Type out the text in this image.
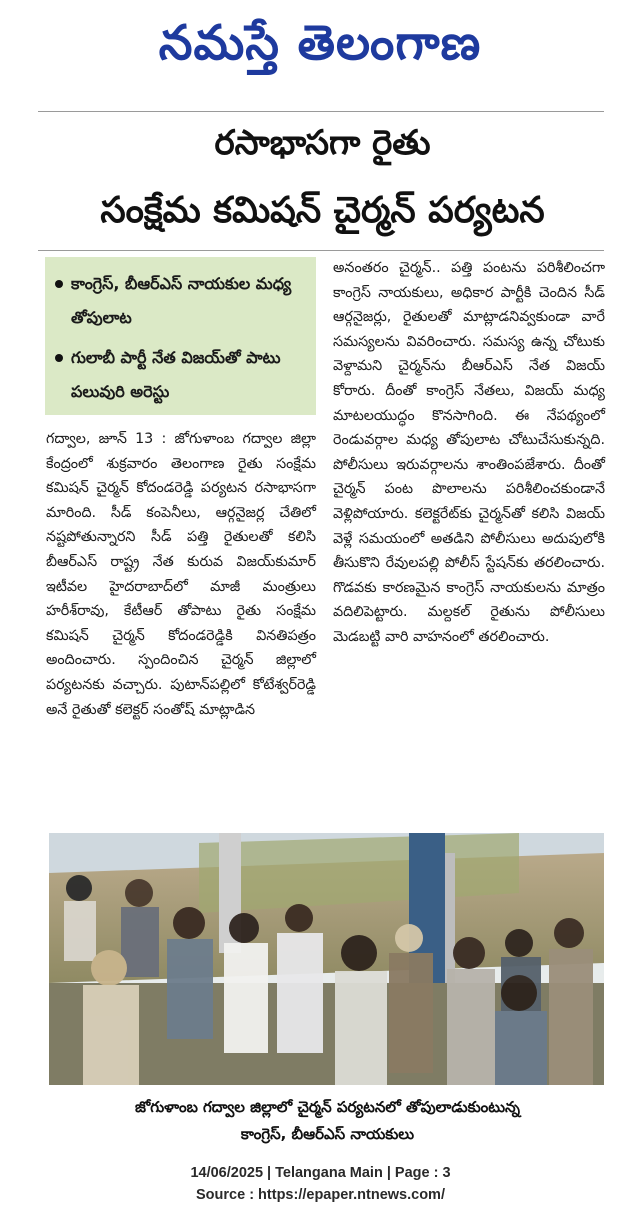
నమస్తే తెలంగాణ
రసాభాసగా రైతు
సంక్షేమ కమిషన్ చైర్మన్ పర్యటన
కాంగ్రెస్, బీఆర్ఎస్ నాయకుల మధ్య తోపులాట
గులాబీ పార్టీ నేత విజయ్‌తో పాటు పలువురి అరెస్టు
గద్వాల, జూన్ 13 : జోగుళాంబ గద్వాల జిల్లా కేంద్రంలో శుక్రవారం తెలంగాణ రైతు సంక్షేమ కమిషన్ చైర్మన్ కోదండరెడ్డి పర్యటన రసాభాసగా మారింది. సీడ్ కంపెనీలు, ఆర్గనైజర్ల చేతిలో నష్టపోతున్నారని సీడ్ పత్తి రైతులతో కలిసి బీఆర్ఎస్ రాష్ట్ర నేత కురువ విజయ్‌కుమార్ ఇటీవల హైదరాబాద్‌లో మాజీ మంత్రులు హరీశ్‌రావు, కేటీఆర్ తోపాటు రైతు సంక్షేమ కమిషన్ చైర్మన్ కోదండరెడ్డికి వినతిపత్రం అందించారు. స్పందించిన చైర్మన్ జిల్లాలో పర్యటనకు వచ్చారు. పుటాన్‌పల్లిలో కోటేశ్వర్‌రెడ్డి అనే రైతుతో కలెక్టర్ సంతోష్ మాట్లాడిన
అనంతరం చైర్మన్.. పత్తి పంటను పరిశీలించగా కాంగ్రెస్ నాయకులు, అధికార పార్టీకి చెందిన సీడ్ ఆర్గనైజర్లు, రైతులతో మాట్లాడనివ్వకుండా వారే సమస్యలను వివరించారు. సమస్య ఉన్న చోటుకు వెళ్దామని చైర్మన్‌ను బీఆర్ఎస్ నేత విజయ్ కోరారు. దీంతో కాంగ్రెస్ నేతలు, విజయ్ మధ్య మాటలయుద్ధం కొనసాగింది. ఈ నేపథ్యంలో రెండువర్గాల మధ్య తోపులాట చోటుచేసుకున్నది. పోలీసులు ఇరువర్గాలను శాంతింపజేశారు. దీంతో చైర్మన్ పంట పొలాలను పరిశీలించకుండానే వెళ్లిపోయారు. కలెక్టరేట్‌కు చైర్మన్‌తో కలిసి విజయ్ వెళ్లే సమయంలో అతడిని పోలీసులు అదుపులోకి తీసుకొని రేవులపల్లి పోలీస్ స్టేషన్‌కు తరలించారు. గొడవకు కారణమైన కాంగ్రెస్ నాయకులను మాత్రం వదిలిపెట్టారు. మల్దకల్ రైతును పోలీసులు మెడబట్టి వారి వాహనంలో తరలించారు.
జోగుళాంబ గద్వాల జిల్లాలో చైర్మన్ పర్యటనలో తోపులాడుకుంటున్న
కాంగ్రెస్, బీఆర్ఎస్ నాయకులు
14/06/2025 | Telangana Main | Page : 3
Source : https://epaper.ntnews.com/
